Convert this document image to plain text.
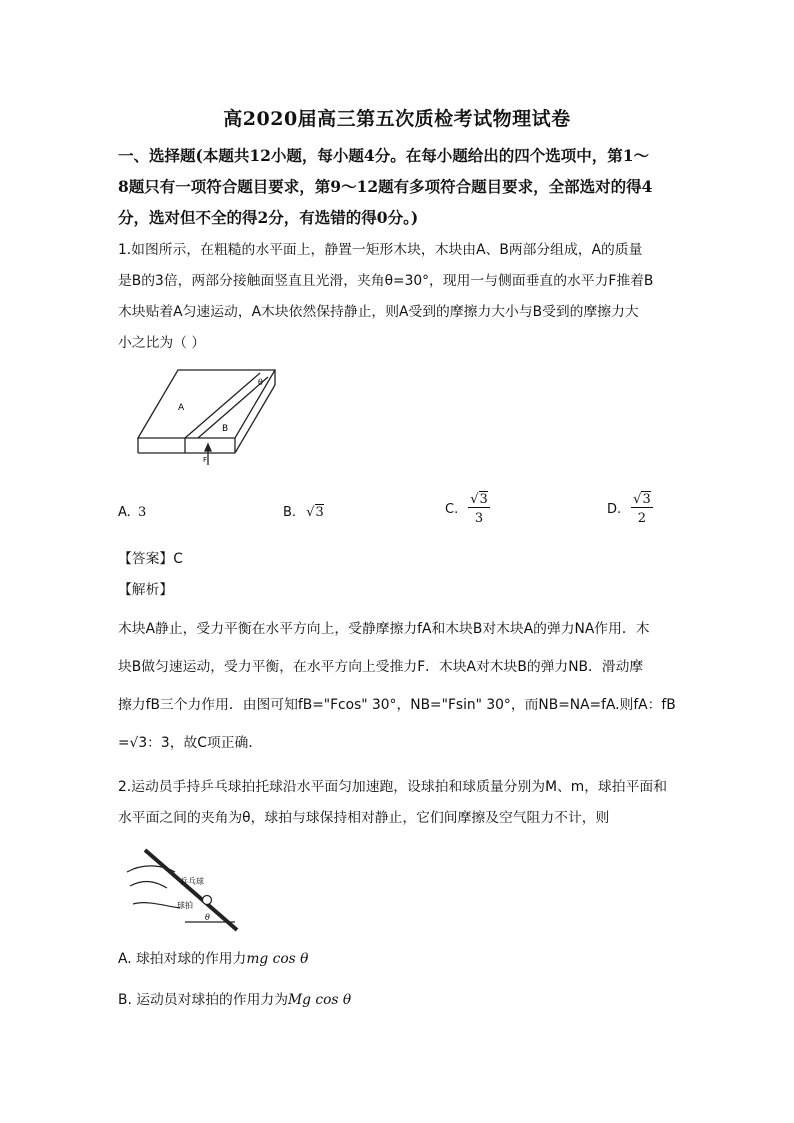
高2020届高三第五次质检考试物理试卷
一、选择题(本题共12小题，每小题4分。在每小题给出的四个选项中，第1～
8题只有一项符合题目要求，第9～12题有多项符合题目要求，全部选对的得4
分，选对但不全的得2分，有选错的得0分。)
1.如图所示，在粗糙的水平面上，静置一矩形木块，木块由A、B两部分组成，A的质量
是B的3倍，两部分接触面竖直且光滑，夹角θ=30°，现用一与侧面垂直的水平力F推着B
木块贴着A匀速运动，A木块依然保持静止，则A受到的摩擦力大小与B受到的摩擦力大
小之比为（ ）
A
B
F
θ
A. 3	B. √3	C. $\frac{√3}{3}$	D. $\frac{√3}{2}$
【答案】C
【解析】
木块A静止，受力平衡在水平方向上，受静摩擦力fA和木块B对木块A的弹力NA作用．木
块B做匀速运动，受力平衡，在水平方向上受推力F．木块A对木块B的弹力NB．滑动摩
擦力fB三个力作用．由图可知fB="Fcos" 30°，NB="Fsin" 30°，而NB=NA=fA.则fA：fB
=√3：3，故C项正确．
2.运动员手持乒乓球拍托球沿水平面匀加速跑，设球拍和球质量分别为M、m，球拍平面和
水平面之间的夹角为θ，球拍与球保持相对静止，它们间摩擦及空气阻力不计，则
乒乓球
球拍
θ
A. 球拍对球的作用力mg cos θ
B. 运动员对球拍的作用力为Mg cos θ
